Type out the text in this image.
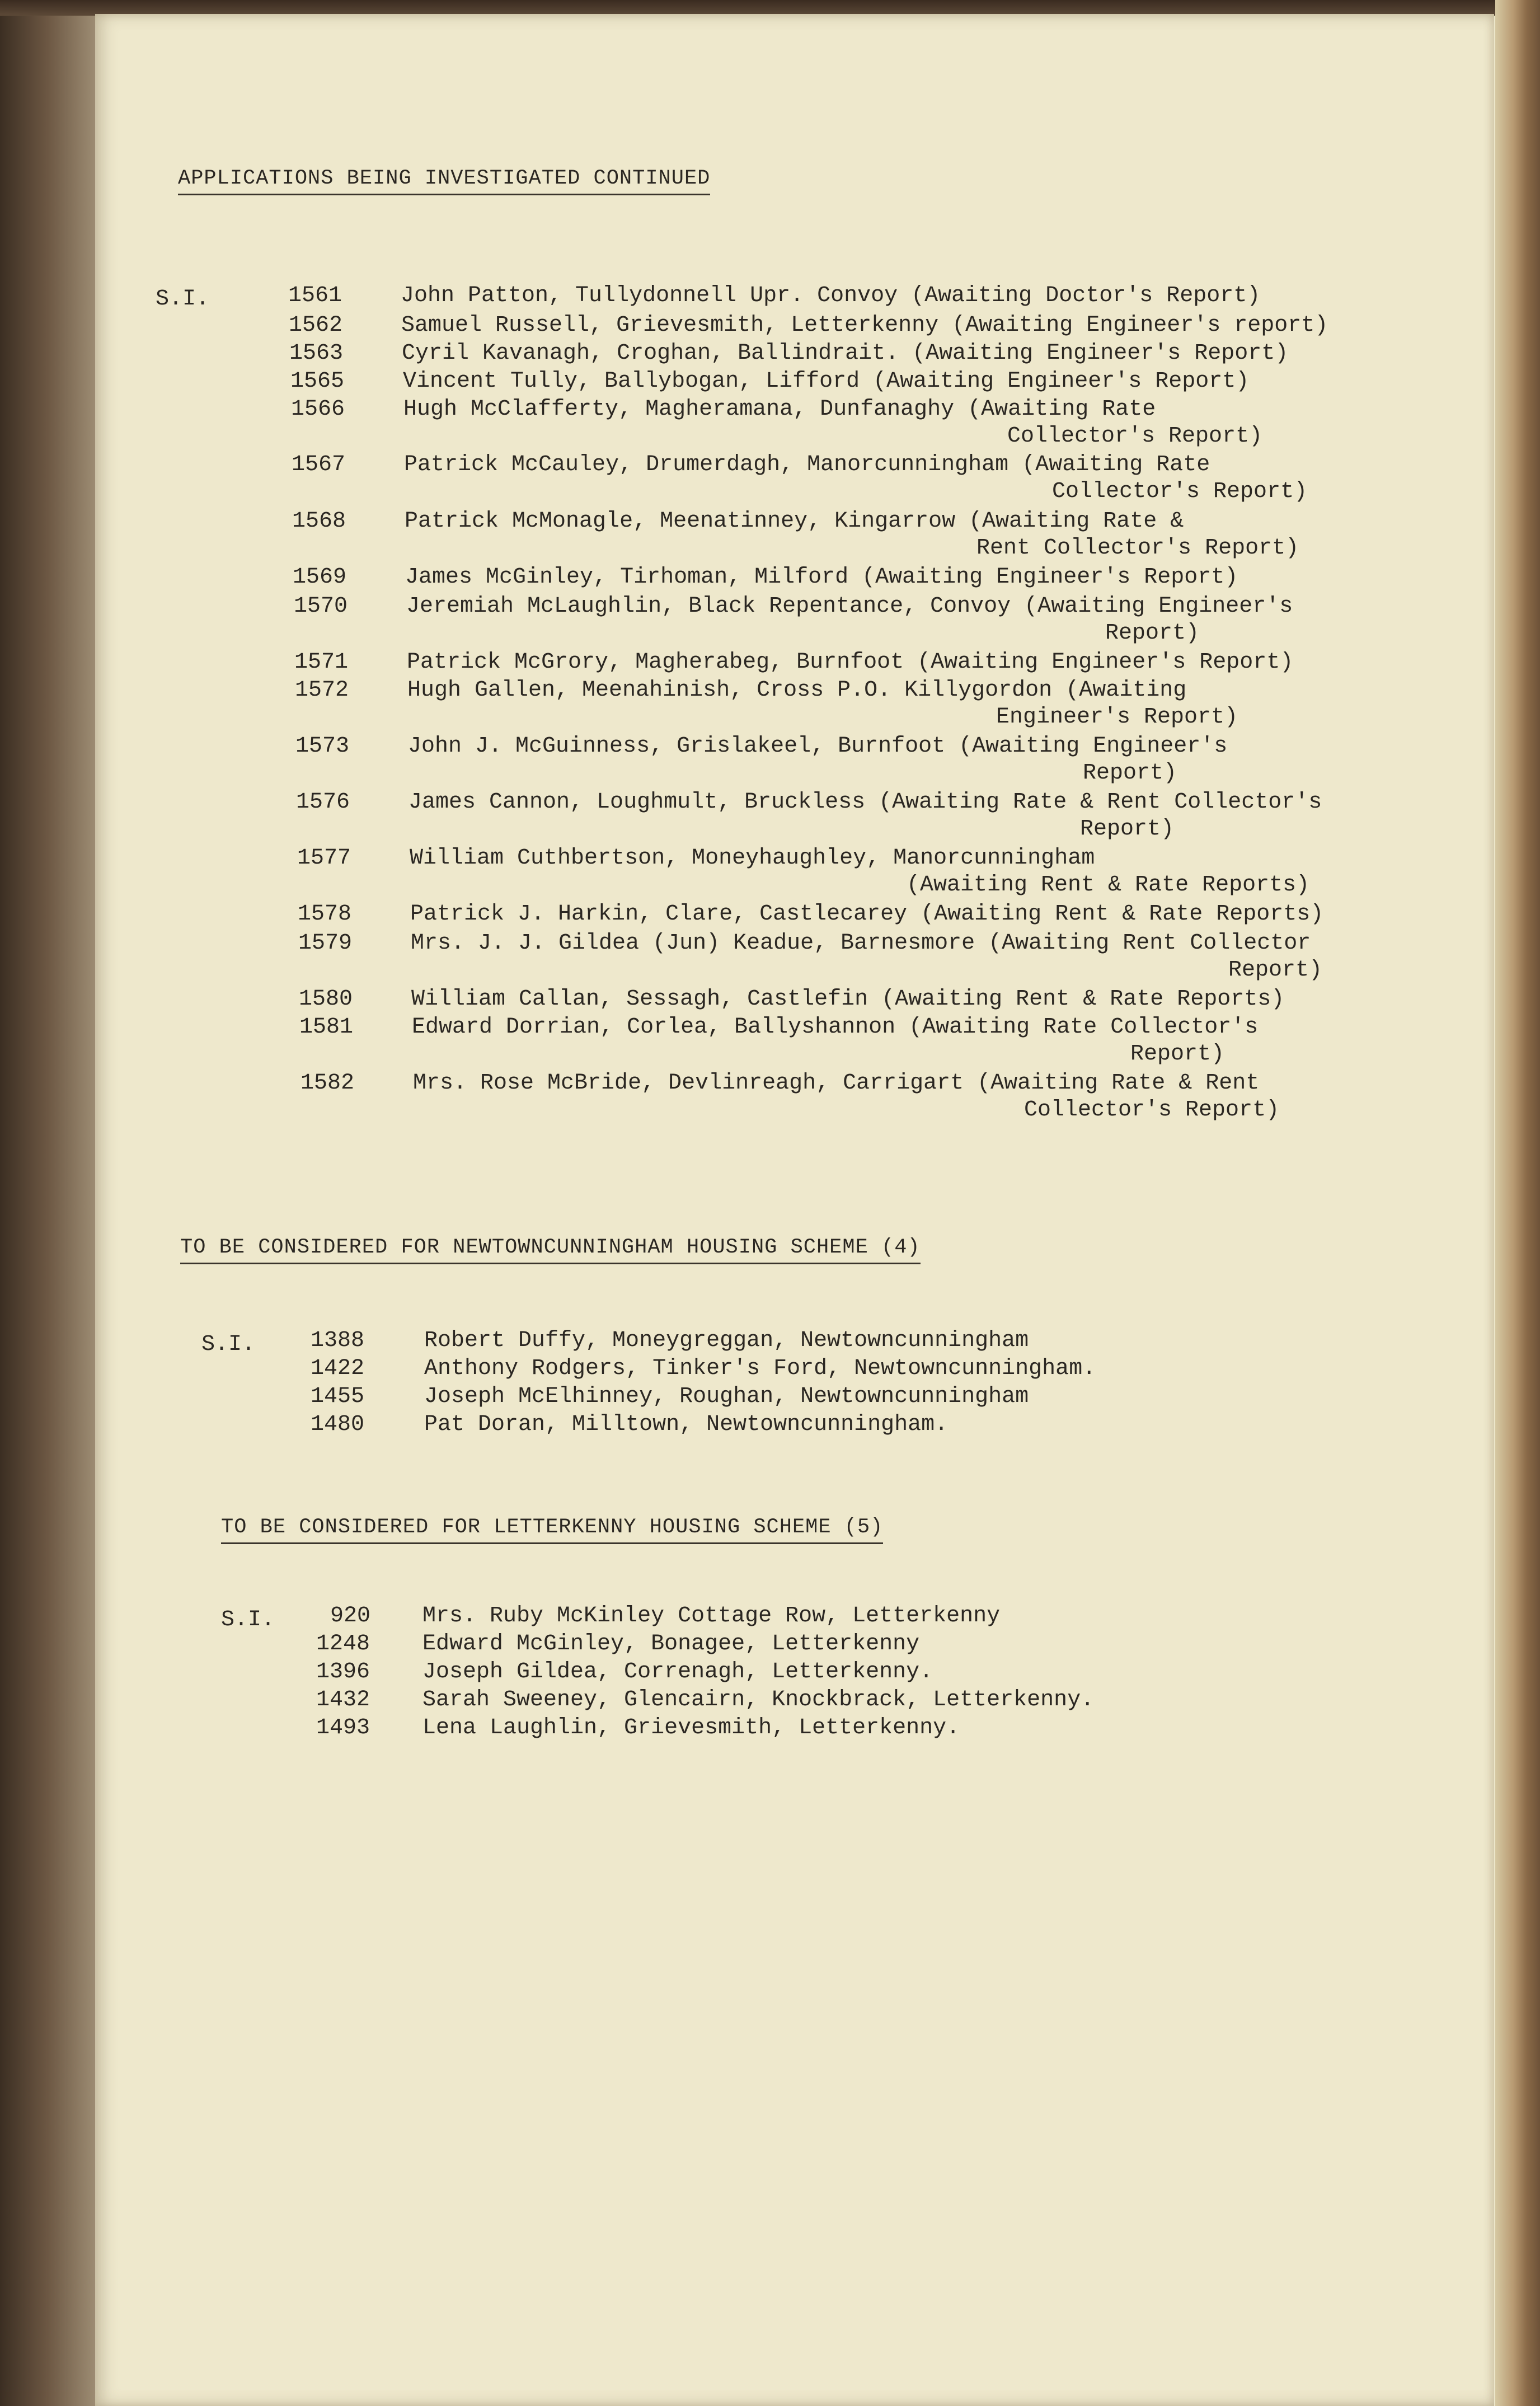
APPLICATIONS BEING INVESTIGATED CONTINUED
S.I.	1561	John Patton, Tullydonnell Upr. Convoy (Awaiting Doctor's Report)
1562	Samuel Russell, Grievesmith, Letterkenny (Awaiting Engineer's report)
1563	Cyril Kavanagh, Croghan, Ballindrait. (Awaiting Engineer's Report)
1565	Vincent Tully, Ballybogan, Lifford (Awaiting Engineer's Report)
1566	Hugh McClafferty, Magheramana, Dunfanaghy (Awaiting Rate
Collector's Report)
1567	Patrick McCauley, Drumerdagh, Manorcunningham (Awaiting Rate
Collector's Report)
1568	Patrick McMonagle, Meenatinney, Kingarrow (Awaiting Rate &
Rent Collector's Report)
1569	James McGinley, Tirhoman, Milford (Awaiting Engineer's Report)
1570	Jeremiah McLaughlin, Black Repentance, Convoy (Awaiting Engineer's
Report)
1571	Patrick McGrory, Magherabeg, Burnfoot (Awaiting Engineer's Report)
1572	Hugh Gallen, Meenahinish, Cross P.O. Killygordon (Awaiting
Engineer's Report)
1573	John J. McGuinness, Grislakeel, Burnfoot (Awaiting Engineer's
Report)
1576	James Cannon, Loughmult, Bruckless (Awaiting Rate & Rent Collector's
Report)
1577	William Cuthbertson, Moneyhaughley, Manorcunningham
(Awaiting Rent & Rate Reports)
1578	Patrick J. Harkin, Clare, Castlecarey (Awaiting Rent & Rate Reports)
1579	Mrs. J. J. Gildea (Jun) Keadue, Barnesmore (Awaiting Rent Collector
Report)
1580	William Callan, Sessagh, Castlefin (Awaiting Rent & Rate Reports)
1581	Edward Dorrian, Corlea, Ballyshannon (Awaiting Rate Collector's
Report)
1582	Mrs. Rose McBride, Devlinreagh, Carrigart (Awaiting Rate & Rent
Collector's Report)
TO BE CONSIDERED FOR NEWTOWNCUNNINGHAM HOUSING SCHEME (4)
S.I. 1388	Robert Duffy, Moneygreggan, Newtowncunningham
1422	Anthony Rodgers, Tinker's Ford, Newtowncunningham.
1455	Joseph McElhinney, Roughan, Newtowncunningham
1480	Pat Doran, Milltown, Newtowncunningham.
TO BE CONSIDERED FOR LETTERKENNY HOUSING SCHEME (5)
S.I. 920 Mrs. Ruby McKinley Cottage Row, Letterkenny
1248 Edward McGinley, Bonagee, Letterkenny
1396 Joseph Gildea, Correnagh, Letterkenny.
1432 Sarah Sweeney, Glencairn, Knockbrack, Letterkenny.
1493 Lena Laughlin, Grievesmith, Letterkenny.
